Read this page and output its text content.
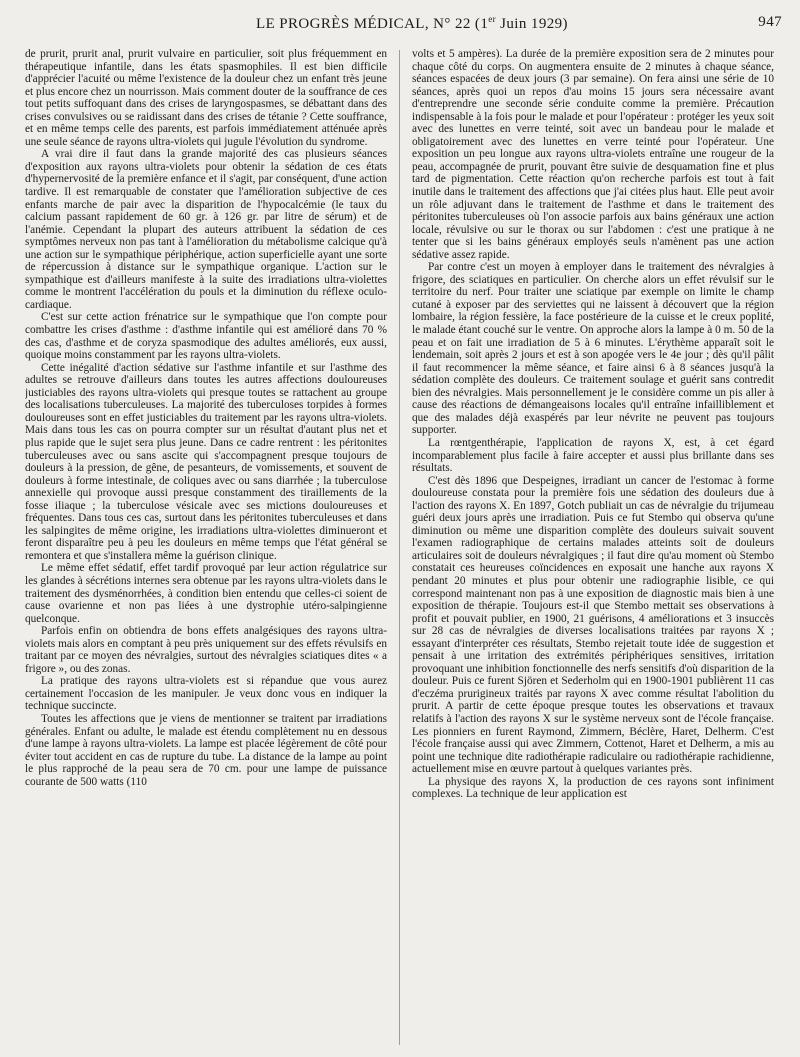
LE PROGRÈS MÉDICAL, N° 22 (1er Juin 1929)	947

de prurit, prurit anal, prurit vulvaire en particulier, soit plus fréquemment en thérapeutique infantile, dans les états spasmophiles. Il est bien difficile d'apprécier l'acuité ou même l'existence de la douleur chez un enfant très jeune et plus encore chez un nourrisson. Mais comment douter de la souffrance de ces tout petits suffoquant dans des crises de laryngospasmes, se débattant dans des crises convulsives ou se raidissant dans des crises de tétanie ? Cette souffrance, et en même temps celle des parents, est parfois immédiatement atténuée après une seule séance de rayons ultra-violets qui jugule l'évolution du syndrome.

A vrai dire il faut dans la grande majorité des cas plusieurs séances d'exposition aux rayons ultra-violets pour obtenir la sédation de ces états d'hypernervosité de la première enfance et il s'agit, par conséquent, d'une action tardive. Il est remarquable de constater que l'amélioration subjective de ces enfants marche de pair avec la disparition de l'hypocalcémie (le taux du calcium passant rapidement de 60 gr. à 126 gr. par litre de sérum) et de l'anémie. Cependant la plupart des auteurs attribuent la sédation de ces symptômes nerveux non pas tant à l'amélioration du métabolisme calcique qu'à une action sur le sympathique périphérique, action superficielle ayant une sorte de répercussion à distance sur le sympathique organique. L'action sur le sympathique est d'ailleurs manifeste à la suite des irradiations ultra-violettes comme le montrent l'accélération du pouls et la diminution du réflexe oculo-cardiaque.

C'est sur cette action frénatrice sur le sympathique que l'on compte pour combattre les crises d'asthme : d'asthme infantile qui est amélioré dans 70 % des cas, d'asthme et de coryza spasmodique des adultes améliorés, eux aussi, quoique moins constamment par les rayons ultra-violets.

Cette inégalité d'action sédative sur l'asthme infantile et sur l'asthme des adultes se retrouve d'ailleurs dans toutes les autres affections douloureuses justiciables des rayons ultra-violets qui presque toutes se rattachent au groupe des localisations tuberculeuses. La majorité des tuberculoses torpides à formes douloureuses sont en effet justiciables du traitement par les rayons ultra-violets. Mais dans tous les cas on pourra compter sur un résultat d'autant plus net et plus rapide que le sujet sera plus jeune. Dans ce cadre rentrent : les péritonites tuberculeuses avec ou sans ascite qui s'accompagnent presque toujours de douleurs à la pression, de gêne, de pesanteurs, de vomissements, et souvent de douleurs à forme intestinale, de coliques avec ou sans diarrhée ; la tuberculose annexielle qui provoque aussi presque constamment des tiraillements de la fosse iliaque ; la tuberculose vésicale avec ses mictions douloureuses et fréquentes. Dans tous ces cas, surtout dans les péritonites tuberculeuses et dans les salpingites de même origine, les irradiations ultra-violettes diminueront et feront disparaître peu à peu les douleurs en même temps que l'état général se remontera et que s'installera même la guérison clinique.

Le même effet sédatif, effet tardif provoqué par leur action régulatrice sur les glandes à sécrétions internes sera obtenue par les rayons ultra-violets dans le traitement des dysménorrhées, à condition bien entendu que celles-ci soient de cause ovarienne et non pas liées à une dystrophie utéro-salpingienne quelconque.

Parfois enfin on obtiendra de bons effets analgésiques des rayons ultra-violets mais alors en comptant à peu près uniquement sur des effets révulsifs en traitant par ce moyen des névralgies, surtout des névralgies sciatiques dites « a frigore », ou des zonas.

La pratique des rayons ultra-violets est si répandue que vous aurez certainement l'occasion de les manipuler. Je veux donc vous en indiquer la technique succincte.

Toutes les affections que je viens de mentionner se traitent par irradiations générales. Enfant ou adulte, le malade est étendu complètement nu en dessous d'une lampe à rayons ultra-violets. La lampe est placée légèrement de côté pour éviter tout accident en cas de rupture du tube. La distance de la lampe au point le plus rapproché de la peau sera de 70 cm. pour une lampe de puissance courante de 500 watts (110

volts et 5 ampères). La durée de la première exposition sera de 2 minutes pour chaque côté du corps. On augmentera ensuite de 2 minutes à chaque séance, séances espacées de deux jours (3 par semaine). On fera ainsi une série de 10 séances, après quoi un repos d'au moins 15 jours sera nécessaire avant d'entreprendre une seconde série conduite comme la première. Précaution indispensable à la fois pour le malade et pour l'opérateur : protéger les yeux soit avec des lunettes en verre teinté, soit avec un bandeau pour le malade et obligatoirement avec des lunettes en verre teinté pour l'opérateur. Une exposition un peu longue aux rayons ultra-violets entraîne une rougeur de la peau, accompagnée de prurit, pouvant être suivie de desquamation fine et plus tard de pigmentation. Cette réaction qu'on recherche parfois est tout à fait inutile dans le traitement des affections que j'ai citées plus haut. Elle peut avoir un rôle adjuvant dans le traitement de l'asthme et dans le traitement des péritonites tuberculeuses où l'on associe parfois aux bains généraux une action locale, révulsive ou sur le thorax ou sur l'abdomen : c'est une pratique à ne tenter que si les bains généraux employés seuls n'amènent pas une action sédative assez rapide.

Par contre c'est un moyen à employer dans le traitement des névralgies à frigore, des sciatiques en particulier. On cherche alors un effet révulsif sur le territoire du nerf. Pour traiter une sciatique par exemple on limite le champ cutané à exposer par des serviettes qui ne laissent à découvert que la région lombaire, la région fessière, la face postérieure de la cuisse et le creux poplité, le malade étant couché sur le ventre. On approche alors la lampe à 0 m. 50 de la peau et on fait une irradiation de 5 à 6 minutes. L'érythème apparaît soit le lendemain, soit après 2 jours et est à son apogée vers le 4e jour ; dès qu'il pâlit il faut recommencer la même séance, et faire ainsi 6 à 8 séances jusqu'à la sédation complète des douleurs. Ce traitement soulage et guérit sans contredit bien des névralgies. Mais personnellement je le considère comme un pis aller à cause des réactions de démangeaisons locales qu'il entraîne infailliblement et que des malades déjà exaspérés par leur névrite ne peuvent pas toujours supporter.

La rœntgenthérapie, l'application de rayons X, est, à cet égard incomparablement plus facile à faire accepter et aussi plus brillante dans ses résultats.

C'est dès 1896 que Despeignes, irradiant un cancer de l'estomac à forme douloureuse constata pour la première fois une sédation des douleurs due à l'action des rayons X. En 1897, Gotch publiait un cas de névralgie du trijumeau guéri deux jours après une irradiation. Puis ce fut Stembo qui observa qu'une diminution ou même une disparition complète des douleurs suivait souvent l'examen radiographique de certains malades atteints soit de douleurs articulaires soit de douleurs névralgiques ; il faut dire qu'au moment où Stembo constatait ces heureuses coïncidences en exposait une hanche aux rayons X pendant 20 minutes et plus pour obtenir une radiographie lisible, ce qui correspond maintenant non pas à une exposition de diagnostic mais bien à une exposition de thérapie. Toujours est-il que Stembo mettait ses observations à profit et pouvait publier, en 1900, 21 guérisons, 4 améliorations et 3 insuccès sur 28 cas de névralgies de diverses localisations traitées par rayons X ; essayant d'interpréter ces résultats, Stembo rejetait toute idée de suggestion et pensait à une irritation des extrémités périphériques sensitives, irritation provoquant une inhibition fonctionnelle des nerfs sensitifs d'où disparition de la douleur. Puis ce furent Sjören et Sederholm qui en 1900-1901 publièrent 11 cas d'eczéma prurigineux traités par rayons X avec comme résultat l'abolition du prurit. A partir de cette époque presque toutes les observations et travaux relatifs à l'action des rayons X sur le système nerveux sont de l'école française. Les pionniers en furent Raymond, Zimmern, Béclère, Haret, Delherm. C'est l'école française aussi qui avec Zimmern, Cottenot, Haret et Delherm, a mis au point une technique dite radiothérapie radiculaire ou radiothérapie rachidienne, actuellement mise en œuvre partout à quelques variantes près.

La physique des rayons X, la production de ces rayons sont infiniment complexes. La technique de leur application est
